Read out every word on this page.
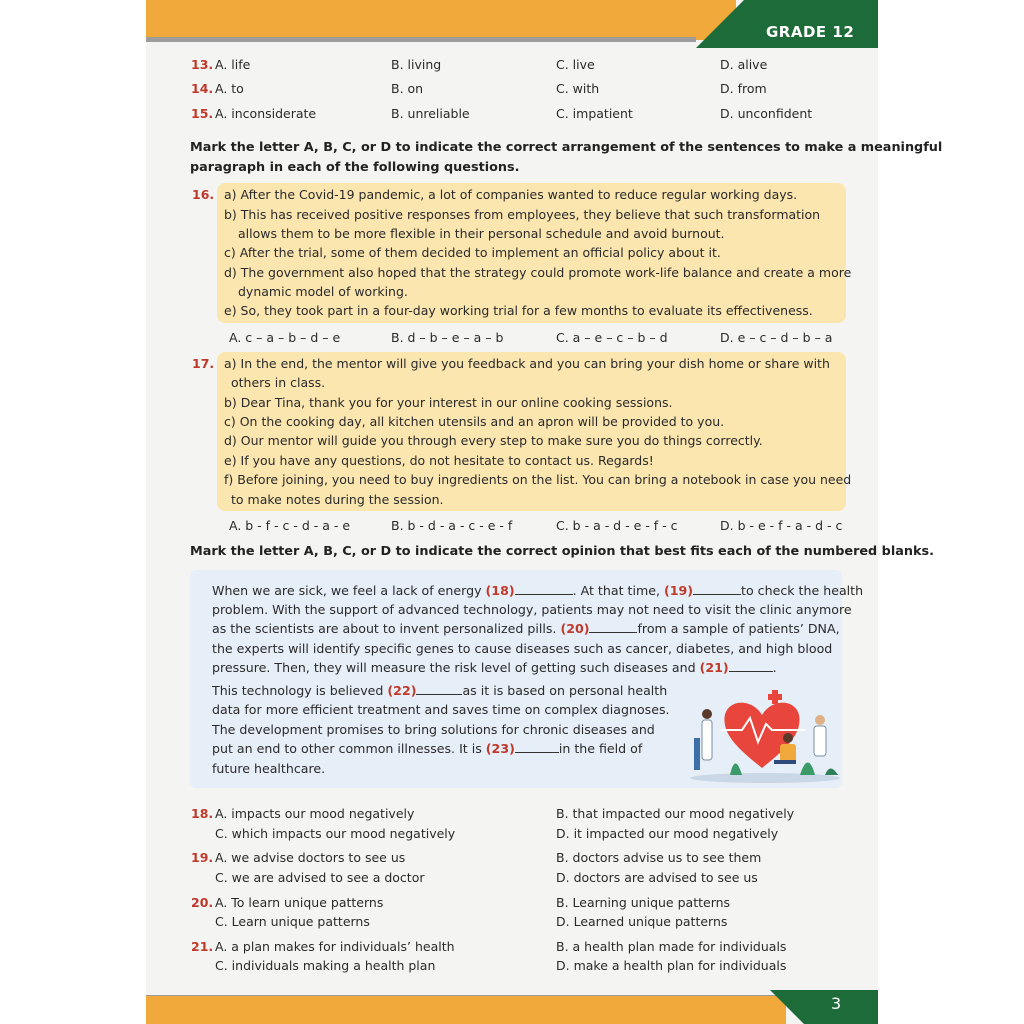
GRADE 12
13. A. life	B. living	C. live	D. alive
14. A. to	B. on	C. with	D. from
15. A. inconsiderate	B. unreliable	C. impatient	D. unconfident
Mark the letter A, B, C, or D to indicate the correct arrangement of the sentences to make a meaningful
paragraph in each of the following questions.
16. a) After the Covid-19 pandemic, a lot of companies wanted to reduce regular working days.
b) This has received positive responses from employees, they believe that such transformation
allows them to be more flexible in their personal schedule and avoid burnout.
c) After the trial, some of them decided to implement an official policy about it.
d) The government also hoped that the strategy could promote work-life balance and create a more
dynamic model of working.
e) So, they took part in a four-day working trial for a few months to evaluate its effectiveness.
A. c – a – b – d – e	B. d – b – e – a – b	C. a – e – c – b – d	D. e – c – d – b – a
17. a) In the end, the mentor will give you feedback and you can bring your dish home or share with
others in class.
b) Dear Tina, thank you for your interest in our online cooking sessions.
c) On the cooking day, all kitchen utensils and an apron will be provided to you.
d) Our mentor will guide you through every step to make sure you do things correctly.
e) If you have any questions, do not hesitate to contact us. Regards!
f) Before joining, you need to buy ingredients on the list. You can bring a notebook in case you need
to make notes during the session.
A. b - f - c - d - a - e	B. b - d - a - c - e - f	C. b - a - d - e - f - c	D. b - e - f - a - d - c
Mark the letter A, B, C, or D to indicate the correct opinion that best fits each of the numbered blanks.
When we are sick, we feel a lack of energy (18)	. At that time, (19)	to check the health
problem. With the support of advanced technology, patients may not need to visit the clinic anymore
as the scientists are about to invent personalized pills. (20)	from a sample of patients’ DNA,
the experts will identify specific genes to cause diseases such as cancer, diabetes, and high blood
pressure. Then, they will measure the risk level of getting such diseases and (21)	.
This technology is believed (22)	as it is based on personal health
data for more efficient treatment and saves time on complex diagnoses.
The development promises to bring solutions for chronic diseases and
put an end to other common illnesses. It is (23)	in the field of
future healthcare.
18. A. impacts our mood negatively	B. that impacted our mood negatively
C. which impacts our mood negatively	D. it impacted our mood negatively
19. A. we advise doctors to see us	B. doctors advise us to see them
C. we are advised to see a doctor	D. doctors are advised to see us
20. A. To learn unique patterns	B. Learning unique patterns
C. Learn unique patterns	D. Learned unique patterns
21. A. a plan makes for individuals’ health	B. a health plan made for individuals
C. individuals making a health plan	D. make a health plan for individuals
3
